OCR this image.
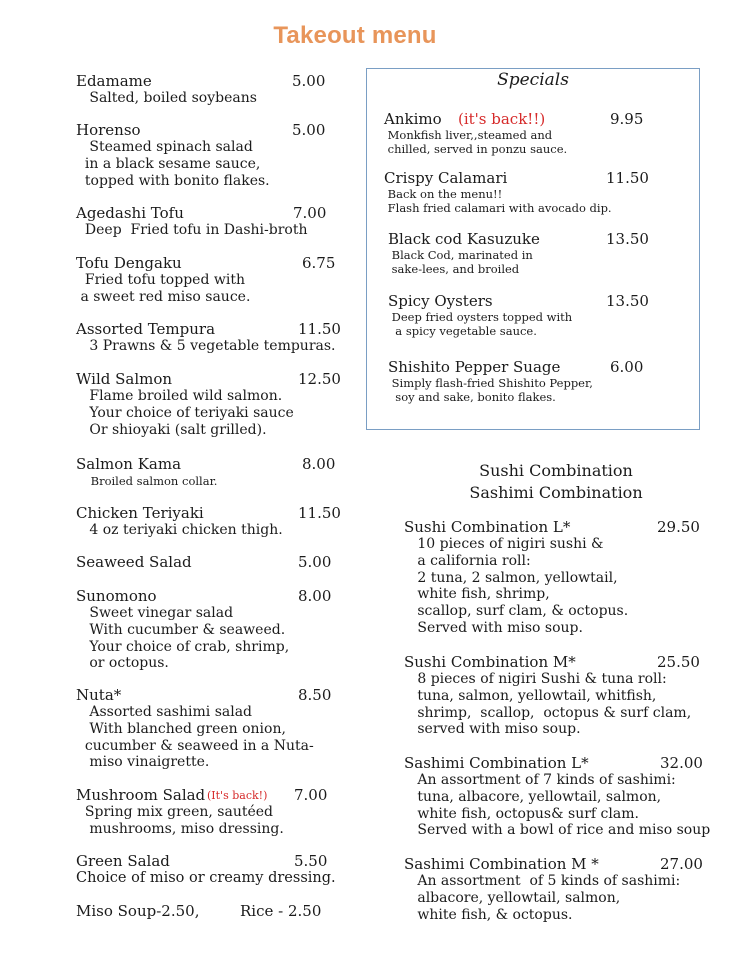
Takeout menu
Edamame	5.00
Salted, boiled soybeans
Horenso	5.00
Steamed spinach salad
in a black sesame sauce,
topped with bonito flakes.
Agedashi Tofu	7.00
Deep  Fried tofu in Dashi-broth
Tofu Dengaku	6.75
Fried tofu topped with
a sweet red miso sauce.
Assorted Tempura	11.50
3 Prawns & 5 vegetable tempuras.
Wild Salmon	12.50
Flame broiled wild salmon.
Your choice of teriyaki sauce
Or shioyaki (salt grilled).
Salmon Kama	8.00
Broiled salmon collar.
Chicken Teriyaki	11.50
4 oz teriyaki chicken thigh.
Seaweed Salad	5.00
Sunomono	8.00
Sweet vinegar salad
With cucumber & seaweed.
Your choice of crab, shrimp,
or octopus.
Nuta*	8.50
Assorted sashimi salad
With blanched green onion,
cucumber & seaweed in a Nuta-
miso vinaigrette.
Mushroom Salad (It's back!) 7.00
Spring mix green, sautéed
mushrooms, miso dressing.
Green Salad	5.50
Choice of miso or creamy dressing.
Miso Soup-2.50,	Rice - 2.50
Specials
Ankimo (it's back!!)	9.95
Monkfish liver,,steamed and
chilled, served in ponzu sauce.
Crispy Calamari	11.50
Back on the menu!!
Flash fried calamari with avocado dip.
Black cod Kasuzuke	13.50
Black Cod, marinated in
sake-lees, and broiled
Spicy Oysters	13.50
Deep fried oysters topped with
a spicy vegetable sauce.
Shishito Pepper Suage	6.00
Simply flash-fried Shishito Pepper,
soy and sake, bonito flakes.
Sushi Combination
Sashimi Combination
Sushi Combination L*	29.50
10 pieces of nigiri sushi &
a california roll:
2 tuna, 2 salmon, yellowtail,
white fish, shrimp,
scallop, surf clam, & octopus.
Served with miso soup.
Sushi Combination M*	25.50
8 pieces of nigiri Sushi & tuna roll:
tuna, salmon, yellowtail, whitfish,
shrimp,  scallop,  octopus & surf clam,
served with miso soup.
Sashimi Combination L*	32.00
An assortment of 7 kinds of sashimi:
tuna, albacore, yellowtail, salmon,
white fish, octopus& surf clam.
Served with a bowl of rice and miso soup
Sashimi Combination M *	27.00
An assortment  of 5 kinds of sashimi:
albacore, yellowtail, salmon,
white fish, & octopus.
